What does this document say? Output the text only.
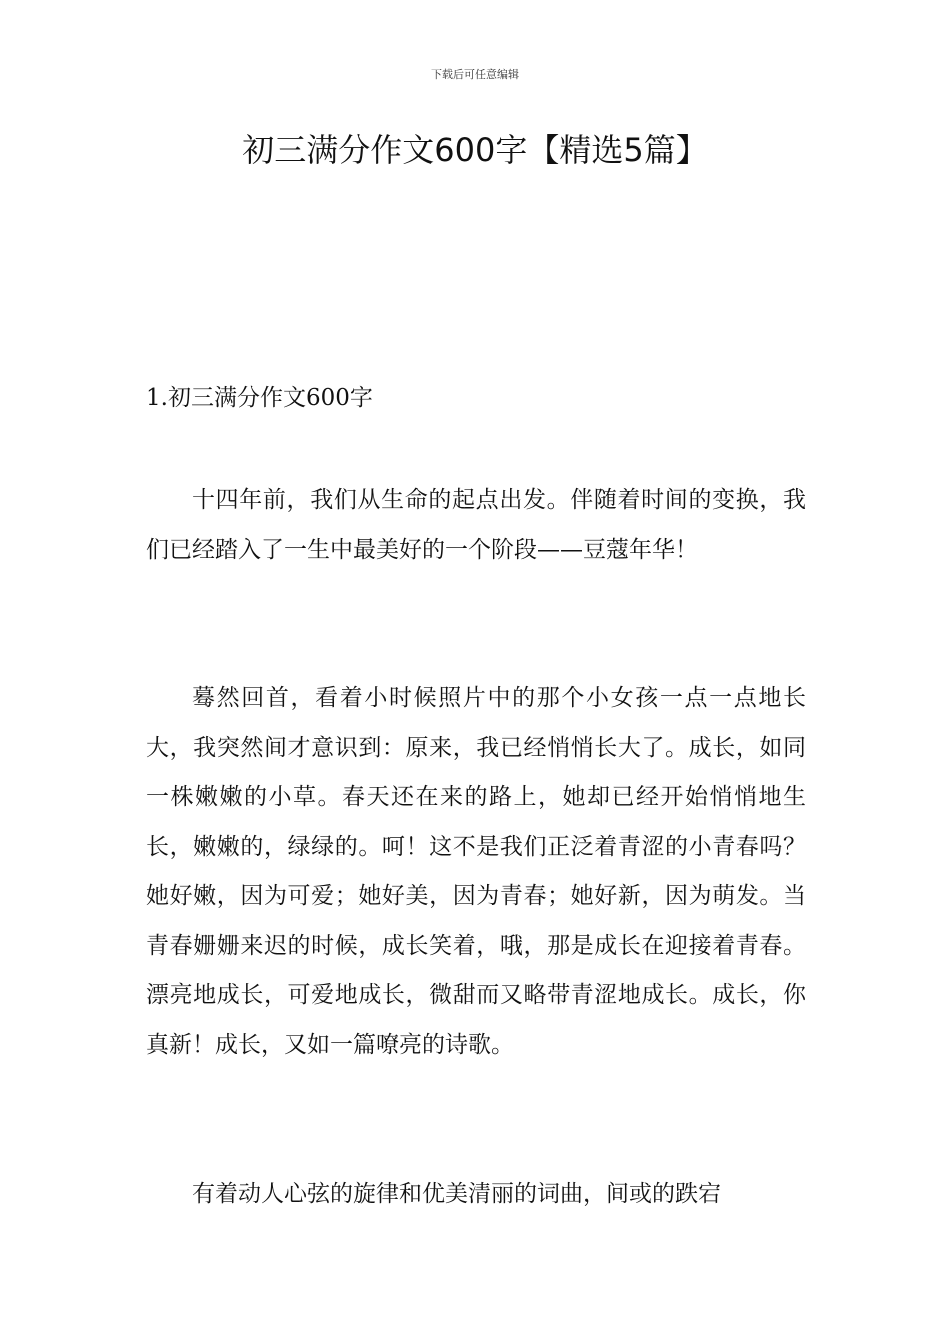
下载后可任意编辑
初三满分作文600字【精选5篇】
1.初三满分作文600字

十四年前，我们从生命的起点出发。伴随着时间的变换，我们已经踏入了一生中最美好的一个阶段——豆蔻年华！

蓦然回首，看着小时候照片中的那个小女孩一点一点地长大，我突然间才意识到：原来，我已经悄悄长大了。成长，如同一株嫩嫩的小草。春天还在来的路上，她却已经开始悄悄地生长，嫩嫩的，绿绿的。呵！这不是我们正泛着青涩的小青春吗？她好嫩，因为可爱；她好美，因为青春；她好新，因为萌发。当青春姗姗来迟的时候，成长笑着，哦，那是成长在迎接着青春。漂亮地成长，可爱地成长，微甜而又略带青涩地成长。成长，你真新！成长，又如一篇嘹亮的诗歌。

有着动人心弦的旋律和优美清丽的词曲，间或的跌宕
